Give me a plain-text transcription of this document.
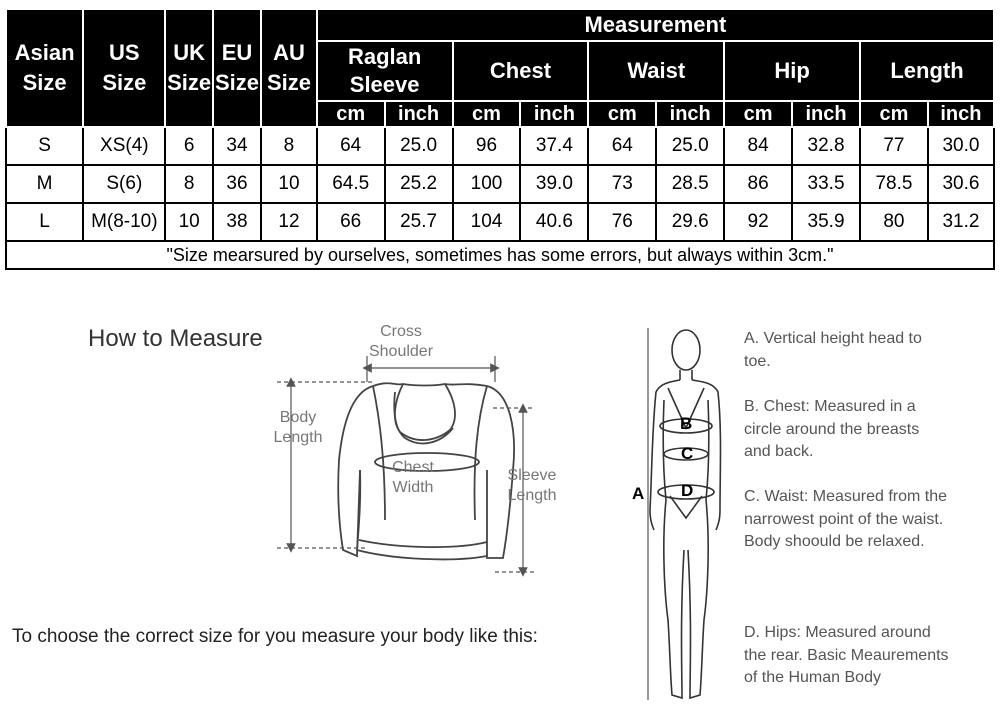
Asian Size	US Size	UK Size	EU Size	AU Size	Measurement									
					Raglan Sleeve		Chest		Waist		Hip		Length	
					cm	inch	cm	inch	cm	inch	cm	inch	cm	inch
S	XS(4)	6	34	8	64	25.0	96	37.4	64	25.0	84	32.8	77	30.0
M	S(6)	8	36	10	64.5	25.2	100	39.0	73	28.5	86	33.5	78.5	30.6
L	M(8-10)	10	38	12	66	25.7	104	40.6	76	29.6	92	35.9	80	31.2
"Size mearsured by ourselves, sometimes has some errors, but always within 3cm."														
How to Measure	Cross Shoulder
Body Length
Chest Width
Sleeve Length
To choose the correct size for you measure your body like this:
A
B
C
D
A. Vertical height head to toe.
B. Chest: Measured in a circle around the breasts and back.
C. Waist: Measured from the narrowest point of the waist. Body shoould be relaxed.
D. Hips: Measured around the rear. Basic Meaurements of the Human Body
